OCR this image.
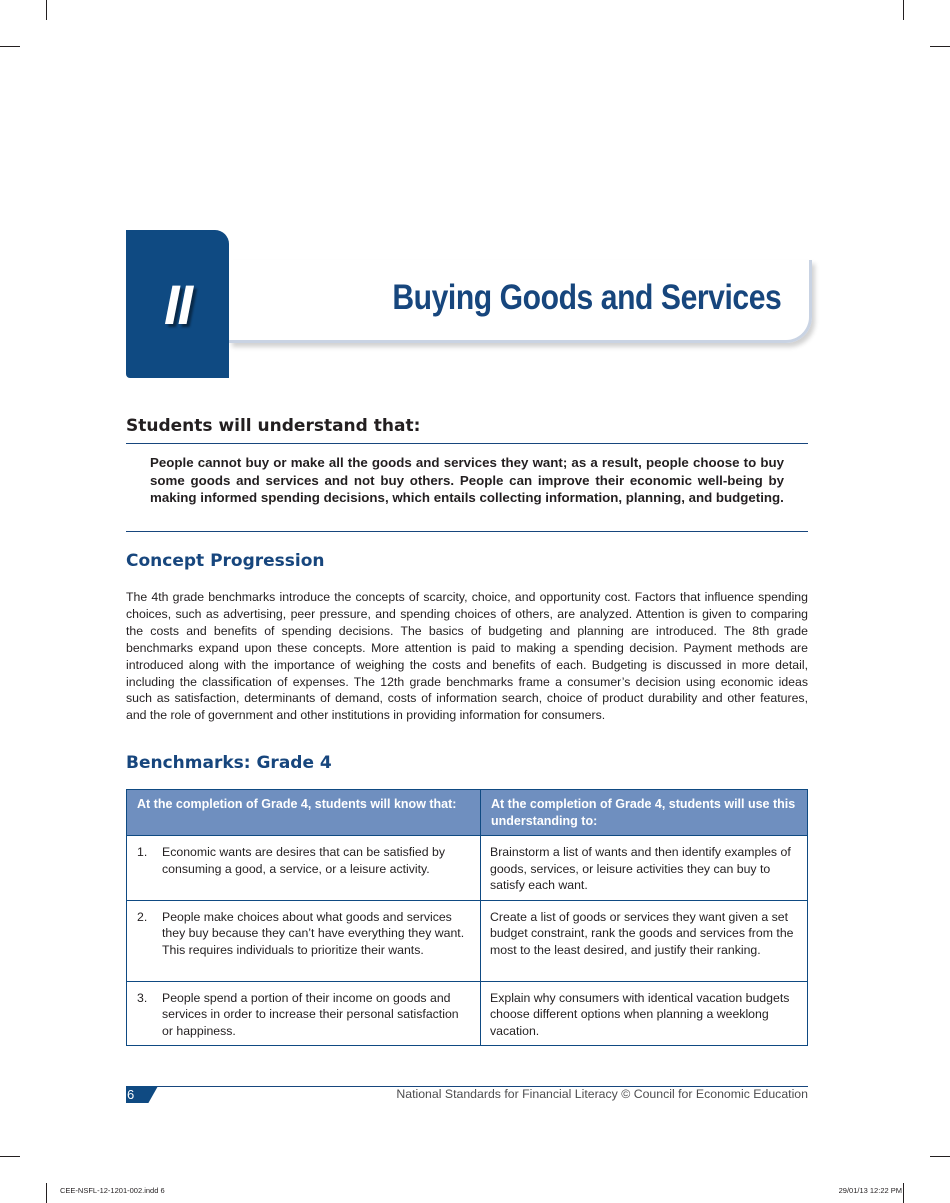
II	Buying Goods and Services
Students will understand that:
People cannot buy or make all the goods and services they want; as a result, people choose to buy some goods and services and not buy others. People can improve their economic well-being by making informed spending decisions, which entails collecting information, planning, and budgeting.
Concept Progression
The 4th grade benchmarks introduce the concepts of scarcity, choice, and opportunity cost. Factors that influence spending choices, such as advertising, peer pressure, and spending choices of others, are analyzed. Attention is given to comparing the costs and benefits of spending decisions. The basics of budgeting and planning are introduced. The 8th grade benchmarks expand upon these concepts. More attention is paid to making a spending decision. Payment methods are introduced along with the importance of weighing the costs and benefits of each. Budgeting is discussed in more detail, including the classification of expenses. The 12th grade benchmarks frame a consumer’s decision using economic ideas such as satisfaction, determinants of demand, costs of information search, choice of product durability and other features, and the role of government and other institutions in providing information for consumers.
Benchmarks: Grade 4
At the completion of Grade 4, students will know that:	At the completion of Grade 4, students will use this understanding to:

1. Economic wants are desires that can be satisfied by consuming a good, a service, or a leisure activity.	Brainstorm a list of wants and then identify examples of goods, services, or leisure activities they can buy to satisfy each want.

2. People make choices about what goods and services they buy because they can’t have everything they want. This requires individuals to prioritize their wants.	Create a list of goods or services they want given a set budget constraint, rank the goods and services from the most to the least desired, and justify their ranking.

3. People spend a portion of their income on goods and services in order to increase their personal satisfaction or happiness.	Explain why consumers with identical vacation budgets choose different options when planning a weeklong vacation.
6	National Standards for Financial Literacy © Council for Economic Education
CEE-NSFL-12-1201-002.indd 6	29/01/13 12:22 PM
